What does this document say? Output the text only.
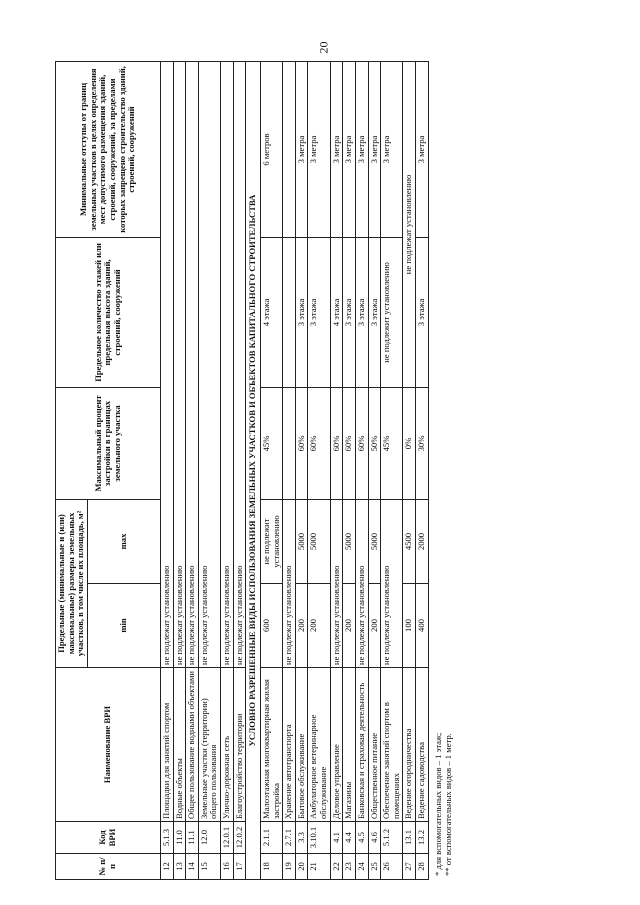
20
№ п/п	Код ВРИ	Наименование ВРИ	Предельные (минимальные и (или) максимальные) размеры земельных участков, в том числе их площадь, м²		Максимальный процент застройки в границах земельного участка	Предельное количество этажей или предельная высота зданий, строений, сооружений	Минимальные отступы от границ земельных участков в целях определения мест допустимого размещения зданий, строений, сооружений, за пределами которых запрещено строительство зданий, строений, сооружений
			min	max			
12	5.1.3	Площадки для занятий спортом	не подлежат установлению				
13	11.0	Водные объекты	не подлежат установлению				
14	11.1	Общее пользование водными объектами	не подлежат установлению				
15	12.0	Земельные участки (территории) общего пользования	не подлежат установлению				
16	12.0.1	Улично-дорожная сеть	не подлежат установлению				
17	12.0.2	Благоустройство территории	не подлежат установлению				
УСЛОВНО РАЗРЕШЕННЫЕ ВИДЫ ИСПОЛЬЗОВАНИЯ ЗЕМЕЛЬНЫХ УЧАСТКОВ И ОБЪЕКТОВ КАПИТАЛЬНОГО СТРОИТЕЛЬСТВА							
18	2.1.1	Малоэтажная многоквартирная жилая застройка	600	не подлежит установлению	45%	4 этажа	6 метров
19	2.7.1	Хранение автотранспорта	не подлежат установлению				
20	3.3	Бытовое обслуживание	200	5000	60%	3 этажа	3 метра
21	3.10.1	Амбулаторное ветеринарное обслуживание	200	5000	60%	3 этажа	3 метра
22	4.1	Деловое управление	не подлежат установлению		60%	4 этажа	3 метра
23	4.4	Магазины	200	5000	60%	3 этажа	3 метра
24	4.5	Банковская и страховая деятельность	не подлежат установлению		60%	3 этажа	3 метра
25	4.6	Общественное питание	200	5000	50%	3 этажа	3 метра
26	5.1.2	Обеспечение занятий спортом в помещениях	не подлежат установлению		45%	не подлежит установлению	3 метра
27	13.1	Ведение огородничества	100	4500	0%	не подлежат установлению	
28	13.2	Ведение садоводства	400	2000	30%	3 этажа	3 метра
* для вспомогательных видов – 1 этаж; ** от вспомогательных видов – 1 метр.
